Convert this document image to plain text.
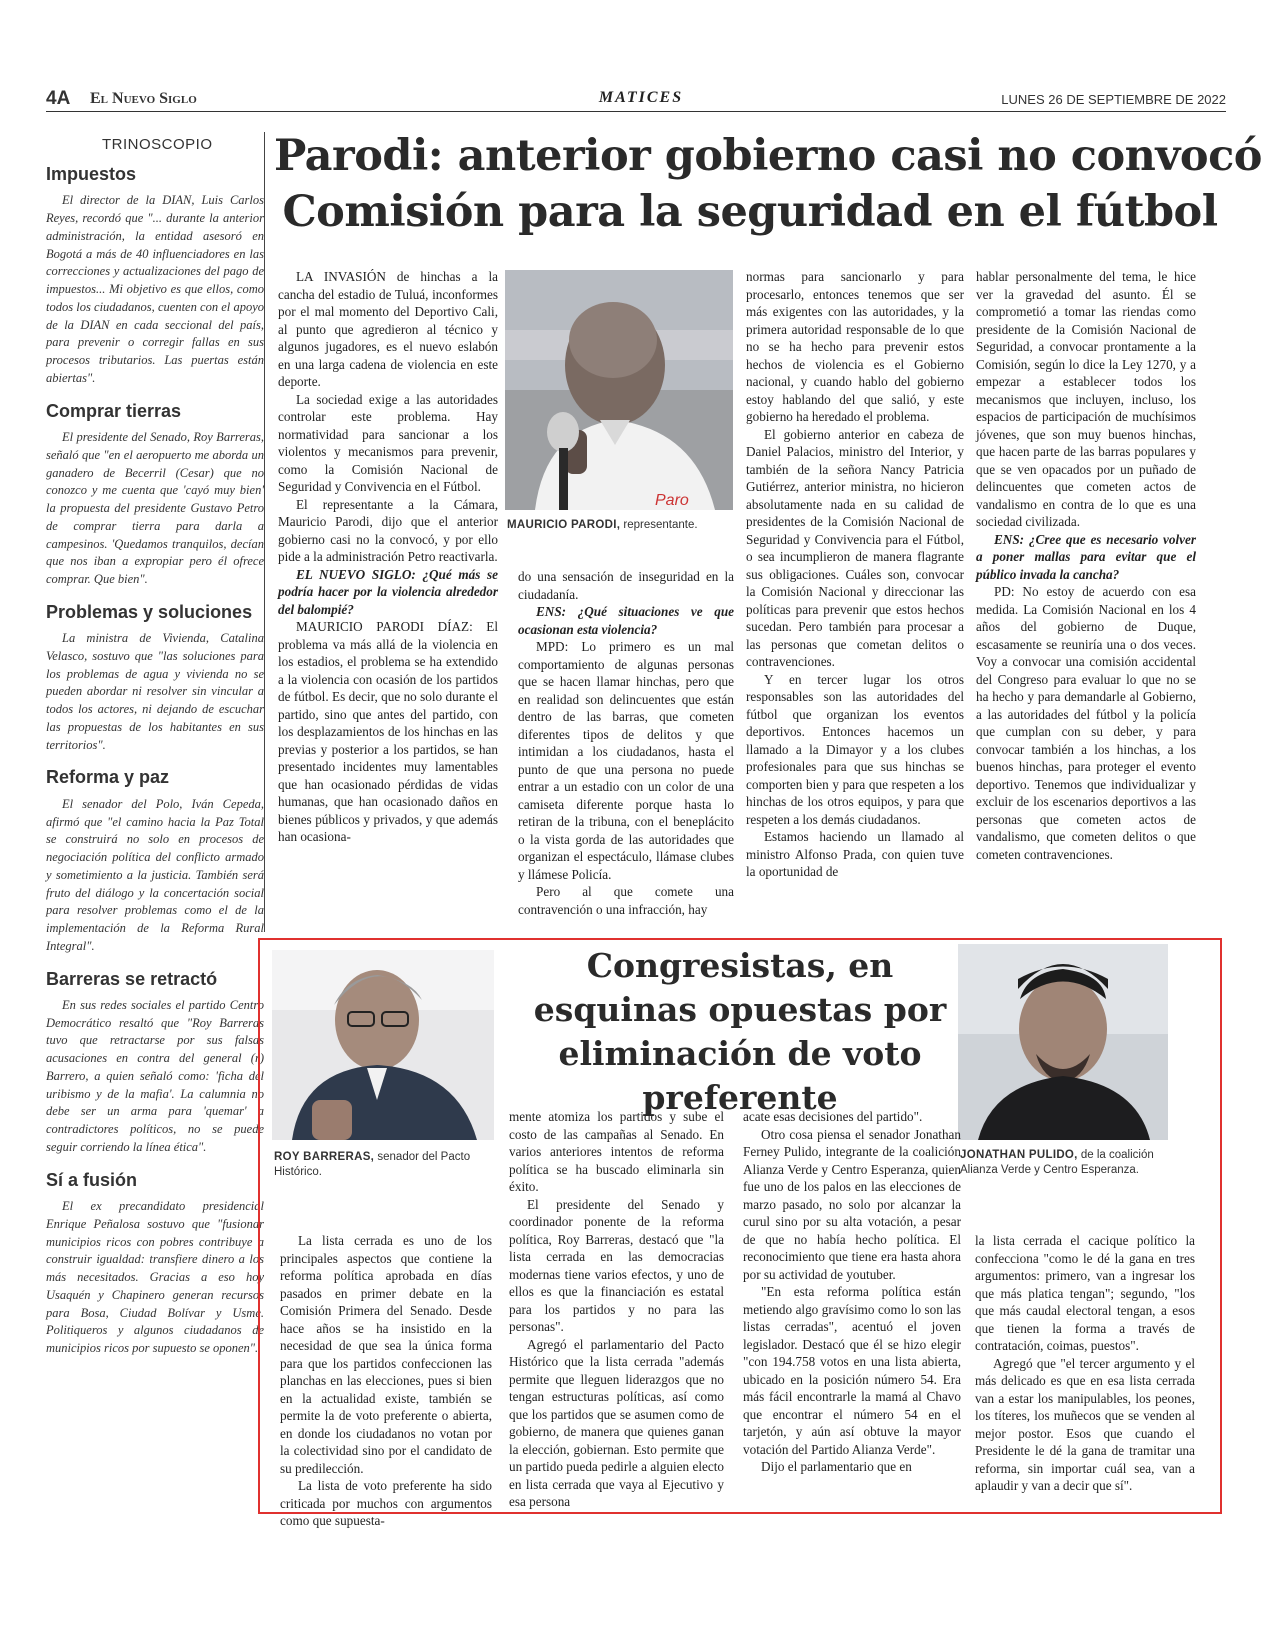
4A El Nuevo Siglo	MATICES	LUNES 26 DE SEPTIEMBRE DE 2022
TRINOSCOPIO
Impuestos

El director de la DIAN, Luis Carlos Reyes, recordó que "... durante la anterior administración, la entidad asesoró en Bogotá a más de 40 influenciadores en las correcciones y actualizaciones del pago de impuestos... Mi objetivo es que ellos, como todos los ciudadanos, cuenten con el apoyo de la DIAN en cada seccional del país, para prevenir o corregir fallas en sus procesos tributarios. Las puertas están abiertas".

Comprar tierras

El presidente del Senado, Roy Barreras, señaló que "en el aeropuerto me aborda un ganadero de Becerril (Cesar) que no conozco y me cuenta que 'cayó muy bien' la propuesta del presidente Gustavo Petro de comprar tierra para darla a campesinos. 'Quedamos tranquilos, decían que nos iban a expropiar pero él ofrece comprar. Que bien".

Problemas y soluciones

La ministra de Vivienda, Catalina Velasco, sostuvo que "las soluciones para los problemas de agua y vivienda no se pueden abordar ni resolver sin vincular a todos los actores, ni dejando de escuchar las propuestas de los habitantes en sus territorios".

Reforma y paz

El senador del Polo, Iván Cepeda, afirmó que "el camino hacia la Paz Total se construirá no solo en procesos de negociación política del conflicto armado y sometimiento a la justicia. También será fruto del diálogo y la concertación social para resolver problemas como el de la implementación de la Reforma Rural Integral".

Barreras se retractó

En sus redes sociales el partido Centro Democrático resaltó que "Roy Barreras tuvo que retractarse por sus falsas acusaciones en contra del general (r) Barrero, a quien señaló como: 'ficha del uribismo y de la mafia'. La calumnia no debe ser un arma para 'quemar' a contradictores políticos, no se puede seguir corriendo la línea ética".

Sí a fusión

El ex precandidato presidencial Enrique Peñalosa sostuvo que "fusionar municipios ricos con pobres contribuye a construir igualdad: transfiere dinero a los más necesitados. Gracias a eso hoy Usaquén y Chapinero generan recursos para Bosa, Ciudad Bolívar y Usme. Politiqueros y algunos ciudadanos de municipios ricos por supuesto se oponen".

Parodi: anterior gobierno casi no convocó
Comisión para la seguridad en el fútbol

LA INVASIÓN de hinchas a la cancha del estadio de Tuluá, inconformes por el mal momento del Deportivo Cali, al punto que agredieron al técnico y algunos jugadores, es el nuevo eslabón en una larga cadena de violencia en este deporte.

La sociedad exige a las autoridades controlar este problema. Hay normatividad para sancionar a los violentos y mecanismos para prevenir, como la Comisión Nacional de Seguridad y Convivencia en el Fútbol.

El representante a la Cámara, Mauricio Parodi, dijo que el anterior gobierno casi no la convocó, y por ello pide a la administración Petro reactivarla.

EL NUEVO SIGLO: ¿Qué más se podría hacer por la violencia alrededor del balompié?

MAURICIO PARODI DÍAZ: El problema va más allá de la violencia en los estadios, el problema se ha extendido a la violencia con ocasión de los partidos de fútbol. Es decir, que no solo durante el partido, sino que antes del partido, con los desplazamientos de los hinchas en las previas y posterior a los partidos, se han presentado incidentes muy lamentables que han ocasionado pérdidas de vidas humanas, que han ocasionado daños en bienes públicos y privados, y que además han ocasiona-

Paro
MAURICIO PARODI, representante.

do una sensación de inseguridad en la ciudadanía.

ENS: ¿Qué situaciones ve que ocasionan esta violencia?

MPD: Lo primero es un mal comportamiento de algunas personas que se hacen llamar hinchas, pero que en realidad son delincuentes que están dentro de las barras, que cometen diferentes tipos de delitos y que intimidan a los ciudadanos, hasta el punto de que una persona no puede entrar a un estadio con un color de una camiseta diferente porque hasta lo retiran de la tribuna, con el beneplácito o la vista gorda de las autoridades que organizan el espectáculo, llámase clubes y llámese Policía.

Pero al que comete una contravención o una infracción, hay

normas para sancionarlo y para procesarlo, entonces tenemos que ser más exigentes con las autoridades, y la primera autoridad responsable de lo que no se ha hecho para prevenir estos hechos de violencia es el Gobierno nacional, y cuando hablo del gobierno estoy hablando del que salió, y este gobierno ha heredado el problema.

El gobierno anterior en cabeza de Daniel Palacios, ministro del Interior, y también de la señora Nancy Patricia Gutiérrez, anterior ministra, no hicieron absolutamente nada en su calidad de presidentes de la Comisión Nacional de Seguridad y Convivencia para el Fútbol, o sea incumplieron de manera flagrante sus obligaciones. Cuáles son, convocar la Comisión Nacional y direccionar las políticas para prevenir que estos hechos sucedan. Pero también para procesar a las personas que cometan delitos o contravenciones.

Y en tercer lugar los otros responsables son las autoridades del fútbol que organizan los eventos deportivos. Entonces hacemos un llamado a la Dimayor y a los clubes profesionales para que sus hinchas se comporten bien y para que respeten a los hinchas de los otros equipos, y para que respeten a los demás ciudadanos.

Estamos haciendo un llamado al ministro Alfonso Prada, con quien tuve la oportunidad de

hablar personalmente del tema, le hice ver la gravedad del asunto. Él se comprometió a tomar las riendas como presidente de la Comisión Nacional de Seguridad, a convocar prontamente a la Comisión, según lo dice la Ley 1270, y a empezar a establecer todos los mecanismos que incluyen, incluso, los espacios de participación de muchísimos jóvenes, que son muy buenos hinchas, que hacen parte de las barras populares y que se ven opacados por un puñado de delincuentes que cometen actos de vandalismo en contra de lo que es una sociedad civilizada.

ENS: ¿Cree que es necesario volver a poner mallas para evitar que el público invada la cancha?

PD: No estoy de acuerdo con esa medida. La Comisión Nacional en los 4 años del gobierno de Duque, escasamente se reuniría una o dos veces. Voy a convocar una comisión accidental del Congreso para evaluar lo que no se ha hecho y para demandarle al Gobierno, a las autoridades del fútbol y la policía que cumplan con su deber, y para convocar también a los hinchas, a los buenos hinchas, para proteger el evento deportivo. Tenemos que individualizar y excluir de los escenarios deportivos a las personas que cometen actos de vandalismo, que cometen delitos o que cometen contravenciones.

Congresistas, en esquinas opuestas por eliminación de voto preferente
ROY BARRERAS, senador del Pacto Histórico.
JONATHAN PULIDO, de la coalición Alianza Verde y Centro Esperanza.

La lista cerrada es uno de los principales aspectos que contiene la reforma política aprobada en días pasados en primer debate en la Comisión Primera del Senado. Desde hace años se ha insistido en la necesidad de que sea la única forma para que los partidos confeccionen las planchas en las elecciones, pues si bien en la actualidad existe, también se permite la de voto preferente o abierta, en donde los ciudadanos no votan por la colectividad sino por el candidato de su predilección.

La lista de voto preferente ha sido criticada por muchos con argumentos como que supuesta-

mente atomiza los partidos y sube el costo de las campañas al Senado. En varios anteriores intentos de reforma política se ha buscado eliminarla sin éxito.

El presidente del Senado y coordinador ponente de la reforma política, Roy Barreras, destacó que "la lista cerrada en las democracias modernas tiene varios efectos, y uno de ellos es que la financiación es estatal para los partidos y no para las personas".

Agregó el parlamentario del Pacto Histórico que la lista cerrada "además permite que lleguen liderazgos que no tengan estructuras políticas, así como que los partidos que se asumen como de gobierno, de manera que quienes ganan la elección, gobiernan. Esto permite que un partido pueda pedirle a alguien electo en lista cerrada que vaya al Ejecutivo y esa persona

acate esas decisiones del partido".

Otro cosa piensa el senador Jonathan Ferney Pulido, integrante de la coalición Alianza Verde y Centro Esperanza, quien fue uno de los palos en las elecciones de marzo pasado, no solo por alcanzar la curul sino por su alta votación, a pesar de que no había hecho política. El reconocimiento que tiene era hasta ahora por su actividad de youtuber.

"En esta reforma política están metiendo algo gravísimo como lo son las listas cerradas", acentuó el joven legislador. Destacó que él se hizo elegir "con 194.758 votos en una lista abierta, ubicado en la posición número 54. Era más fácil encontrarle la mamá al Chavo que encontrar el número 54 en el tarjetón, y aún así obtuve la mayor votación del Partido Alianza Verde".

Dijo el parlamentario que en

la lista cerrada el cacique político la confecciona "como le dé la gana en tres argumentos: primero, van a ingresar los que más platica tengan"; segundo, "los que más caudal electoral tengan, a esos que tienen la forma a través de contratación, coimas, puestos".

Agregó que "el tercer argumento y el más delicado es que en esa lista cerrada van a estar los manipulables, los peones, los títeres, los muñecos que se venden al mejor postor. Esos que cuando el Presidente le dé la gana de tramitar una reforma, sin importar cuál sea, van a aplaudir y van a decir que sí".
